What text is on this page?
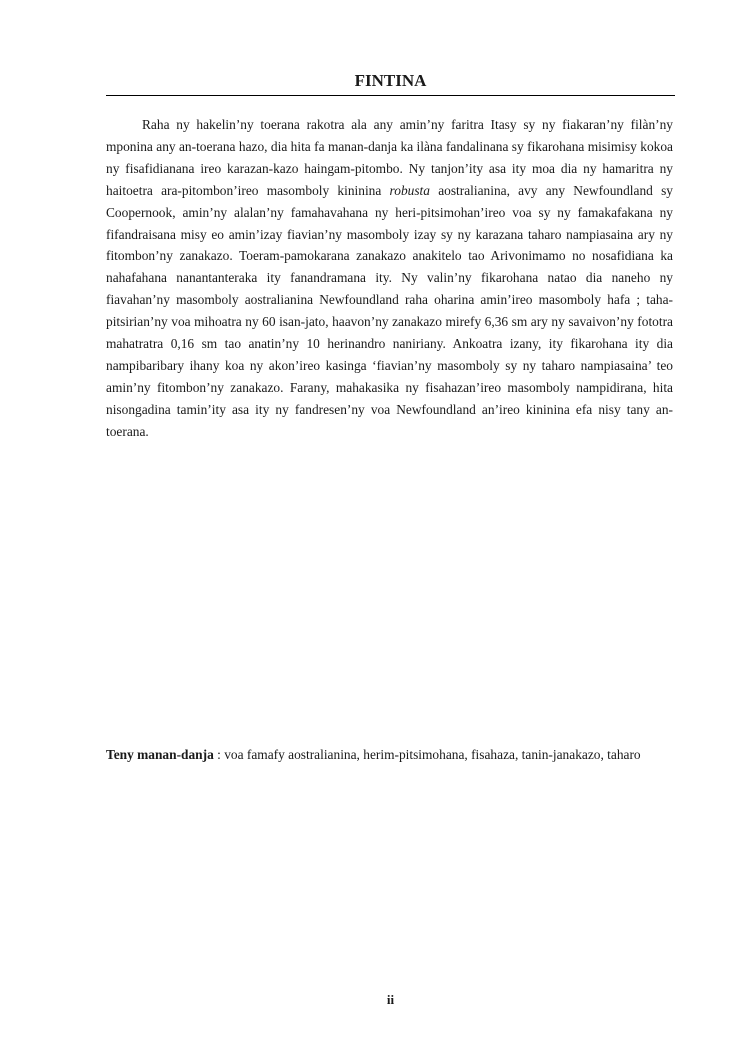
FINTINA

Raha ny hakelin’ny toerana rakotra ala any amin’ny faritra Itasy sy ny fiakaran’ny filàn’ny mponina any an-toerana hazo, dia hita fa manan-danja ka ilàna fandalinana sy fikarohana misimisy kokoa ny fisafidianana ireo karazan-kazo haingam-pitombo. Ny tanjon’ity asa ity moa dia ny hamaritra ny haitoetra ara-pitombon’ireo masomboly kininina robusta aostralianina, avy any Newfoundland sy Coopernook, amin’ny alalan’ny famahavahana ny heri-pitsimohan’ireo voa sy ny famakafakana ny fifandraisana misy eo amin’izay fiavian’ny masomboly izay sy ny karazana taharo nampiasaina ary ny fitombon’ny zanakazo. Toeram-pamokarana zanakazo anakitelo tao Arivonimamo no nosafidiana ka nahafahana nanantanteraka ity fanandramana ity. Ny valin’ny fikarohana natao dia naneho ny fiavahan’ny masomboly aostralianina Newfoundland raha oharina amin’ireo masomboly hafa ; taha-pitsirian’ny voa mihoatra ny 60 isan-jato, haavon’ny zanakazo mirefy 6,36 sm ary ny savaivon’ny fototra mahatratra 0,16 sm tao anatin’ny 10 herinandro naniriany. Ankoatra izany, ity fikarohana ity dia nampibaribary ihany koa ny akon’ireo kasinga ‘fiavian’ny masomboly sy ny taharo nampiasaina’ teo amin’ny fitombon’ny zanakazo. Farany, mahakasika ny fisahazan’ireo masomboly nampidirana, hita nisongadina tamin’ity asa ity ny fandresen’ny voa Newfoundland an’ireo kininina efa nisy tany an-toerana.

Teny manan-danja : voa famafy aostralianina, herim-pitsimohana, fisahaza, tanin-janakazo, taharo

ii
